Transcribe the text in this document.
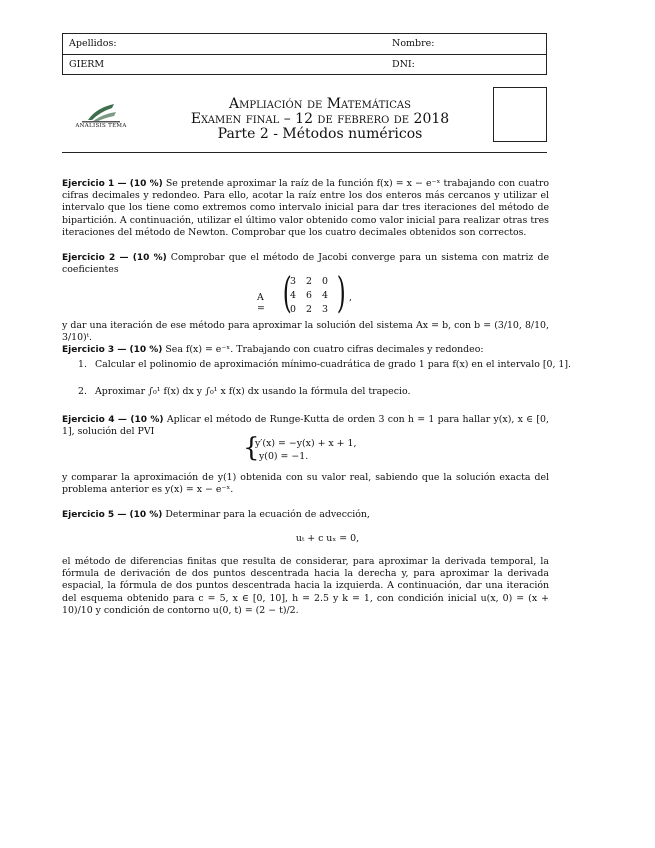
Apellidos:	Nombre:
GIERM	DNI:
ANALISIS TEMA
Ampliación de Matemáticas
Examen final – 12 de febrero de 2018
Parte 2 - Métodos numéricos
Ejercicio 1 — (10 %) Se pretende aproximar la raíz de la función f(x) = x − e⁻ˣ trabajando con cuatro cifras decimales y redondeo. Para ello, acotar la raíz entre los dos enteros más cercanos y utilizar el intervalo que los tiene como extremos como intervalo inicial para dar tres iteraciones del método de bipartición. A continuación, utilizar el último valor obtenido como valor inicial para realizar otras tres iteraciones del método de Newton. Comprobar que los cuatro decimales obtenidos son correctos.
Ejercicio 2 — (10 %) Comprobar que el método de Jacobi converge para un sistema con matriz de coeficientes
A = (
3	2	0
4	6	4
0	2	3 ) ,
y dar una iteración de ese método para aproximar la solución del sistema Ax = b, con b = (3/10, 8/10, 3/10)ᵗ.
Ejercicio 3 — (10 %) Sea f(x) = e⁻ˣ. Trabajando con cuatro cifras decimales y redondeo:
1. Calcular el polinomio de aproximación mínimo-cuadrática de grado 1 para f(x) en el intervalo [0, 1].
2. Aproximar ∫₀¹ f(x) dx y ∫₀¹ x f(x) dx usando la fórmula del trapecio.
Ejercicio 4 — (10 %) Aplicar el método de Runge-Kutta de orden 3 con h = 1 para hallar y(x), x ∈ [0, 1], solución del PVI
{
y′(x) = −y(x) + x + 1,
y(0) = −1.
y comparar la aproximación de y(1) obtenida con su valor real, sabiendo que la solución exacta del problema anterior es y(x) = x − e⁻ˣ.
Ejercicio 5 — (10 %) Determinar para la ecuación de advección,
uₜ + c uₓ = 0,
el método de diferencias finitas que resulta de considerar, para aproximar la derivada temporal, la fórmula de derivación de dos puntos descentrada hacia la derecha y, para aproximar la derivada espacial, la fórmula de dos puntos descentrada hacia la izquierda. A continuación, dar una iteración del esquema obtenido para c = 5, x ∈ [0, 10], h = 2.5 y k = 1, con condición inicial u(x, 0) = (x + 10)/10 y condición de contorno u(0, t) = (2 − t)/2.
